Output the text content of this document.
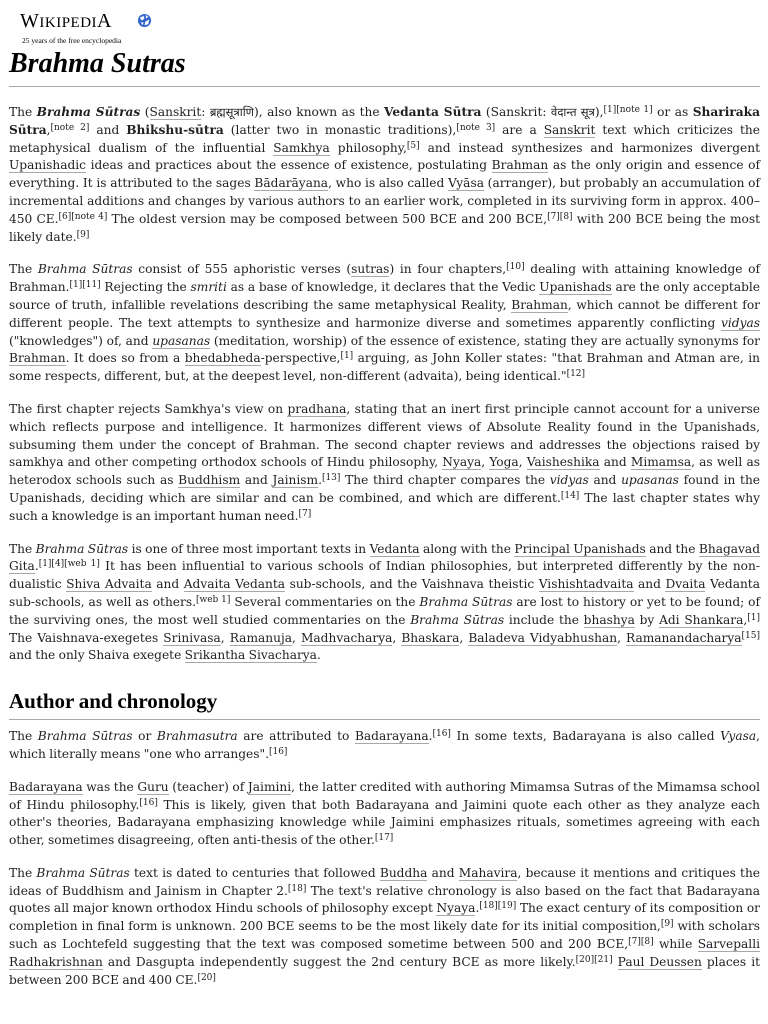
WIKIPEDIA
25 years of the free encyclopedia
Brahma Sutras

The Brahma Sūtras (Sanskrit: ब्रह्मसूत्राणि), also known as the Vedanta Sūtra (Sanskrit: वेदान्त सूत्र),[1][note 1] or as Shariraka Sūtra,[note 2] and Bhikshu-sūtra (latter two in monastic traditions),[note 3] are a Sanskrit text which criticizes the metaphysical dualism of the influential Samkhya philosophy,[5] and instead synthesizes and harmonizes divergent Upanishadic ideas and practices about the essence of existence, postulating Brahman as the only origin and essence of everything. It is attributed to the sages Bādarāyana, who is also called Vyāsa (arranger), but probably an accumulation of incremental additions and changes by various authors to an earlier work, completed in its surviving form in approx. 400–450 CE.[6][note 4] The oldest version may be composed between 500 BCE and 200 BCE,[7][8] with 200 BCE being the most likely date.[9]

The Brahma Sūtras consist of 555 aphoristic verses (sutras) in four chapters,[10] dealing with attaining knowledge of Brahman.[1][11] Rejecting the smriti as a base of knowledge, it declares that the Vedic Upanishads are the only acceptable source of truth, infallible revelations describing the same metaphysical Reality, Brahman, which cannot be different for different people. The text attempts to synthesize and harmonize diverse and sometimes apparently conflicting vidyas ("knowledges") of, and upasanas (meditation, worship) of the essence of existence, stating they are actually synonyms for Brahman. It does so from a bhedabheda-perspective,[1] arguing, as John Koller states: "that Brahman and Atman are, in some respects, different, but, at the deepest level, non-different (advaita), being identical."[12]

The first chapter rejects Samkhya's view on pradhana, stating that an inert first principle cannot account for a universe which reflects purpose and intelligence. It harmonizes different views of Absolute Reality found in the Upanishads, subsuming them under the concept of Brahman. The second chapter reviews and addresses the objections raised by samkhya and other competing orthodox schools of Hindu philosophy, Nyaya, Yoga, Vaisheshika and Mimamsa, as well as heterodox schools such as Buddhism and Jainism.[13] The third chapter compares the vidyas and upasanas found in the Upanishads, deciding which are similar and can be combined, and which are different.[14] The last chapter states why such a knowledge is an important human need.[7]

The Brahma Sūtras is one of three most important texts in Vedanta along with the Principal Upanishads and the Bhagavad Gita.[1][4][web 1] It has been influential to various schools of Indian philosophies, but interpreted differently by the non-dualistic Shiva Advaita and Advaita Vedanta sub-schools, and the Vaishnava theistic Vishishtadvaita and Dvaita Vedanta sub-schools, as well as others.[web 1] Several commentaries on the Brahma Sūtras are lost to history or yet to be found; of the surviving ones, the most well studied commentaries on the Brahma Sūtras include the bhashya by Adi Shankara,[1] The Vaishnava-exegetes Srinivasa, Ramanuja, Madhvacharya, Bhaskara, Baladeva Vidyabhushan, Ramanandacharya[15] and the only Shaiva exegete Srikantha Sivacharya.

Author and chronology

The Brahma Sūtras or Brahmasutra are attributed to Badarayana.[16] In some texts, Badarayana is also called Vyasa, which literally means "one who arranges".[16]

Badarayana was the Guru (teacher) of Jaimini, the latter credited with authoring Mimamsa Sutras of the Mimamsa school of Hindu philosophy.[16] This is likely, given that both Badarayana and Jaimini quote each other as they analyze each other's theories, Badarayana emphasizing knowledge while Jaimini emphasizes rituals, sometimes agreeing with each other, sometimes disagreeing, often anti-thesis of the other.[17]

The Brahma Sūtras text is dated to centuries that followed Buddha and Mahavira, because it mentions and critiques the ideas of Buddhism and Jainism in Chapter 2.[18] The text's relative chronology is also based on the fact that Badarayana quotes all major known orthodox Hindu schools of philosophy except Nyaya.[18][19] The exact century of its composition or completion in final form is unknown. 200 BCE seems to be the most likely date for its initial composition,[9] with scholars such as Lochtefeld suggesting that the text was composed sometime between 500 and 200 BCE,[7][8] while Sarvepalli Radhakrishnan and Dasgupta independently suggest the 2nd century BCE as more likely.[20][21] Paul Deussen places it between 200 BCE and 400 CE.[20]
